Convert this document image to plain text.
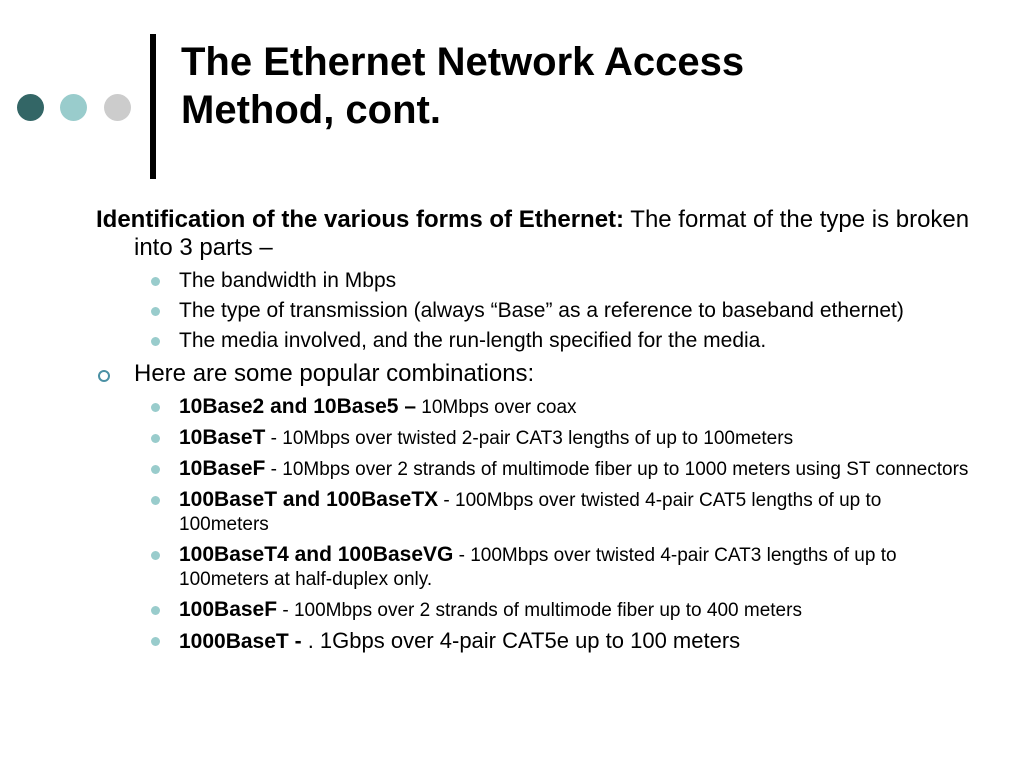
The Ethernet Network Access
Method, cont.
Identification of the various forms of Ethernet: The format of the type is broken into 3 parts –
The bandwidth in Mbps
The type of transmission (always “Base” as a reference to baseband ethernet)
The media involved, and the run-length specified for the media.
Here are some popular combinations:
10Base2 and 10Base5 – 10Mbps over coax
10BaseT - 10Mbps over twisted 2-pair CAT3 lengths of up to 100meters
10BaseF - 10Mbps over 2 strands of multimode fiber up to 1000 meters using ST connectors
100BaseT and 100BaseTX - 100Mbps over twisted 4-pair CAT5 lengths of up to 100meters
100BaseT4 and 100BaseVG - 100Mbps over twisted 4-pair CAT3 lengths of up to 100meters at half-duplex only.
100BaseF - 100Mbps over 2 strands of multimode fiber up to 400 meters
1000BaseT - . 1Gbps over 4-pair CAT5e up to 100 meters
